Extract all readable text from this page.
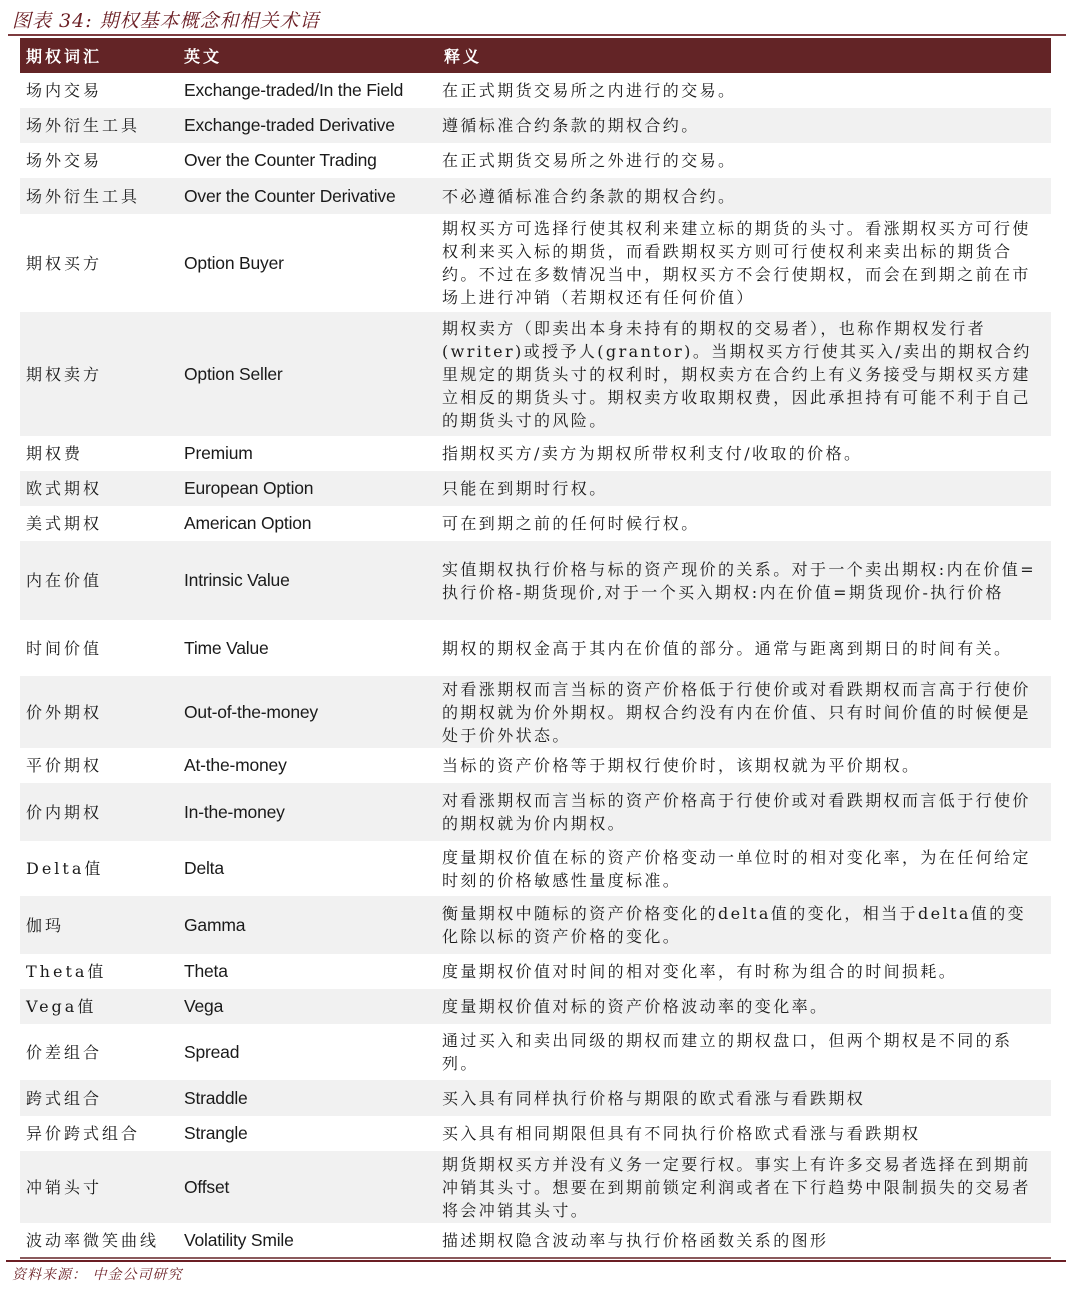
图表 34: 期权基本概念和相关术语
期权词汇	英文	释义
场内交易	Exchange-traded/In the Field	在正式期货交易所之内进行的交易。
场外衍生工具	Exchange-traded Derivative	遵循标准合约条款的期权合约。
场外交易	Over the Counter Trading	在正式期货交易所之外进行的交易。
场外衍生工具	Over the Counter Derivative	不必遵循标准合约条款的期权合约。
期权买方	Option Buyer	期权买方可选择行使其权利来建立标的期货的头寸。看涨期权买方可行使权利来买入标的期货，而看跌期权买方则可行使权利来卖出标的期货合约。不过在多数情况当中，期权买方不会行使期权，而会在到期之前在市场上进行冲销（若期权还有任何价值）
期权卖方	Option Seller	期权卖方（即卖出本身未持有的期权的交易者），也称作期权发行者(writer)或授予人(grantor)。当期权买方行使其买入/卖出的期权合约里规定的期货头寸的权利时，期权卖方在合约上有义务接受与期权买方建立相反的期货头寸。期权卖方收取期权费，因此承担持有可能不利于自己的期货头寸的风险。
期权费	Premium	指期权买方/卖方为期权所带权利支付/收取的价格。
欧式期权	European Option	只能在到期时行权。
美式期权	American Option	可在到期之前的任何时候行权。
内在价值	Intrinsic Value	实值期权执行价格与标的资产现价的关系。对于一个卖出期权:内在价值=执行价格-期货现价,对于一个买入期权:内在价值=期货现价-执行价格
时间价值	Time Value	期权的期权金高于其内在价值的部分。通常与距离到期日的时间有关。
价外期权	Out-of-the-money	对看涨期权而言当标的资产价格低于行使价或对看跌期权而言高于行使价的期权就为价外期权。期权合约没有内在价值、只有时间价值的时候便是处于价外状态。
平价期权	At-the-money	当标的资产价格等于期权行使价时，该期权就为平价期权。
价内期权	In-the-money	对看涨期权而言当标的资产价格高于行使价或对看跌期权而言低于行使价的期权就为价内期权。
Delta值	Delta	度量期权价值在标的资产价格变动一单位时的相对变化率，为在任何给定时刻的价格敏感性量度标准。
伽玛	Gamma	衡量期权中随标的资产价格变化的delta值的变化，相当于delta值的变化除以标的资产价格的变化。
Theta值	Theta	度量期权价值对时间的相对变化率，有时称为组合的时间损耗。
Vega值	Vega	度量期权价值对标的资产价格波动率的变化率。
价差组合	Spread	通过买入和卖出同级的期权而建立的期权盘口，但两个期权是不同的系列。
跨式组合	Straddle	买入具有同样执行价格与期限的欧式看涨与看跌期权
异价跨式组合	Strangle	买入具有相同期限但具有不同执行价格欧式看涨与看跌期权
冲销头寸	Offset	期货期权买方并没有义务一定要行权。事实上有许多交易者选择在到期前冲销其头寸。想要在到期前锁定利润或者在下行趋势中限制损失的交易者将会冲销其头寸。
波动率微笑曲线	Volatility Smile	描述期权隐含波动率与执行价格函数关系的图形
资料来源： 中金公司研究
